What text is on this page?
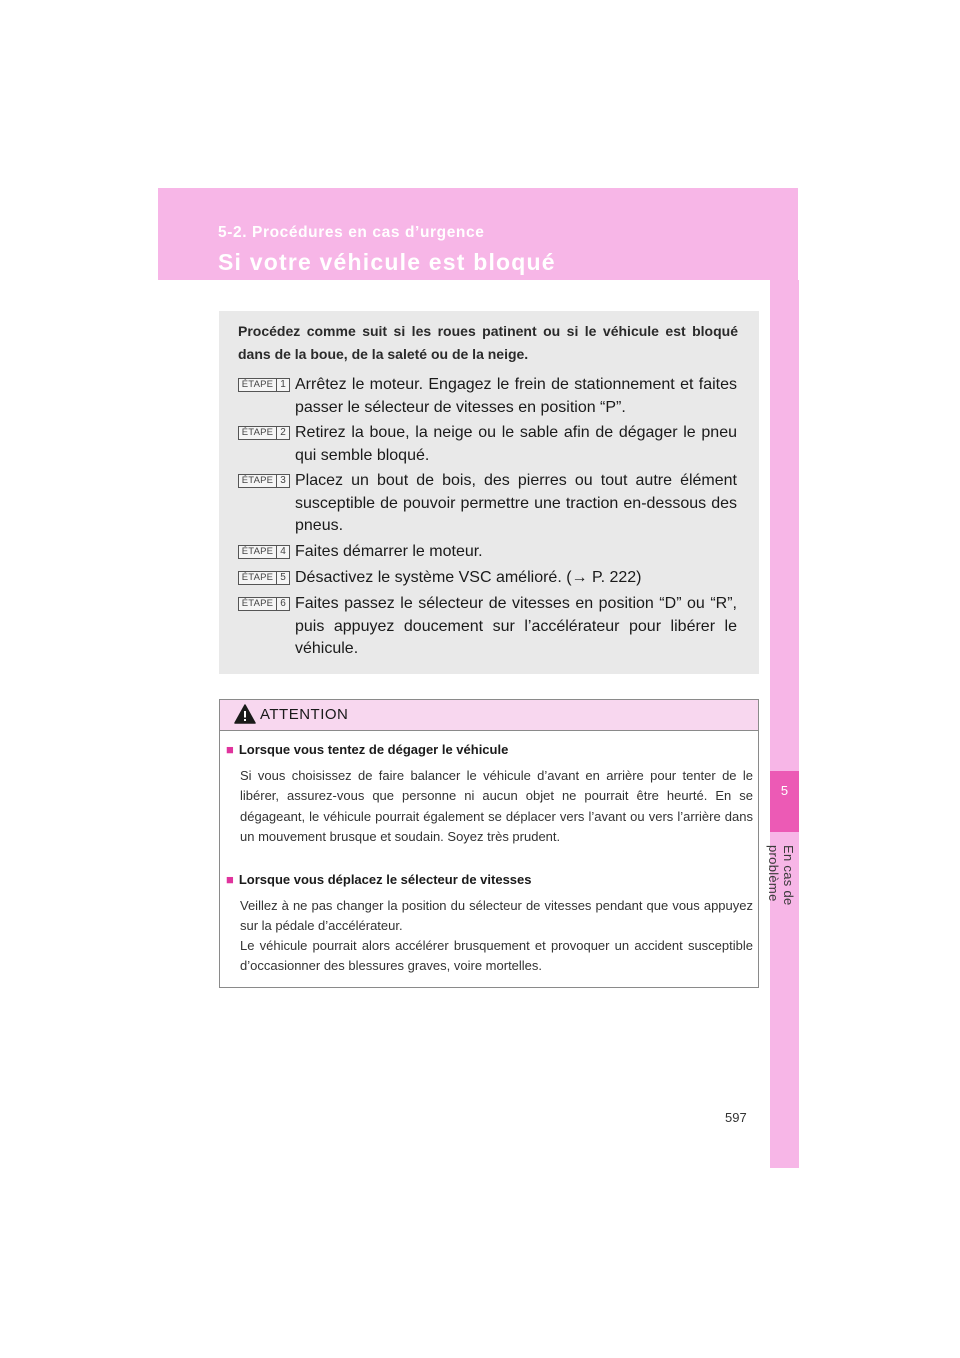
5-2. Procédures en cas d’urgence
Si votre véhicule est bloqué
5
En cas de problème
Procédez comme suit si les roues patinent ou si le véhicule est bloqué dans de la boue, de la saleté ou de la neige.
ÉTAPE 1 Arrêtez le moteur. Engagez le frein de stationnement et faites passer le sélecteur de vitesses en position “P”.
ÉTAPE 2 Retirez la boue, la neige ou le sable afin de dégager le pneu qui semble bloqué.
ÉTAPE 3 Placez un bout de bois, des pierres ou tout autre élément susceptible de pouvoir permettre une traction en-dessous des pneus.
ÉTAPE 4 Faites démarrer le moteur.
ÉTAPE 5 Désactivez le système VSC amélioré. (→ P. 222)
ÉTAPE 6 Faites passez le sélecteur de vitesses en position “D” ou “R”, puis appuyez doucement sur l’accélérateur pour libérer le véhicule.
ATTENTION
■ Lorsque vous tentez de dégager le véhicule
Si vous choisissez de faire balancer le véhicule d’avant en arrière pour tenter de le libérer, assurez-vous que personne ni aucun objet ne pourrait être heurté. En se dégageant, le véhicule pourrait également se déplacer vers l’avant ou vers l’arrière dans un mouvement brusque et soudain. Soyez très prudent.
■ Lorsque vous déplacez le sélecteur de vitesses
Veillez à ne pas changer la position du sélecteur de vitesses pendant que vous appuyez sur la pédale d’accélérateur.
Le véhicule pourrait alors accélérer brusquement et provoquer un accident susceptible d’occasionner des blessures graves, voire mortelles.
597
